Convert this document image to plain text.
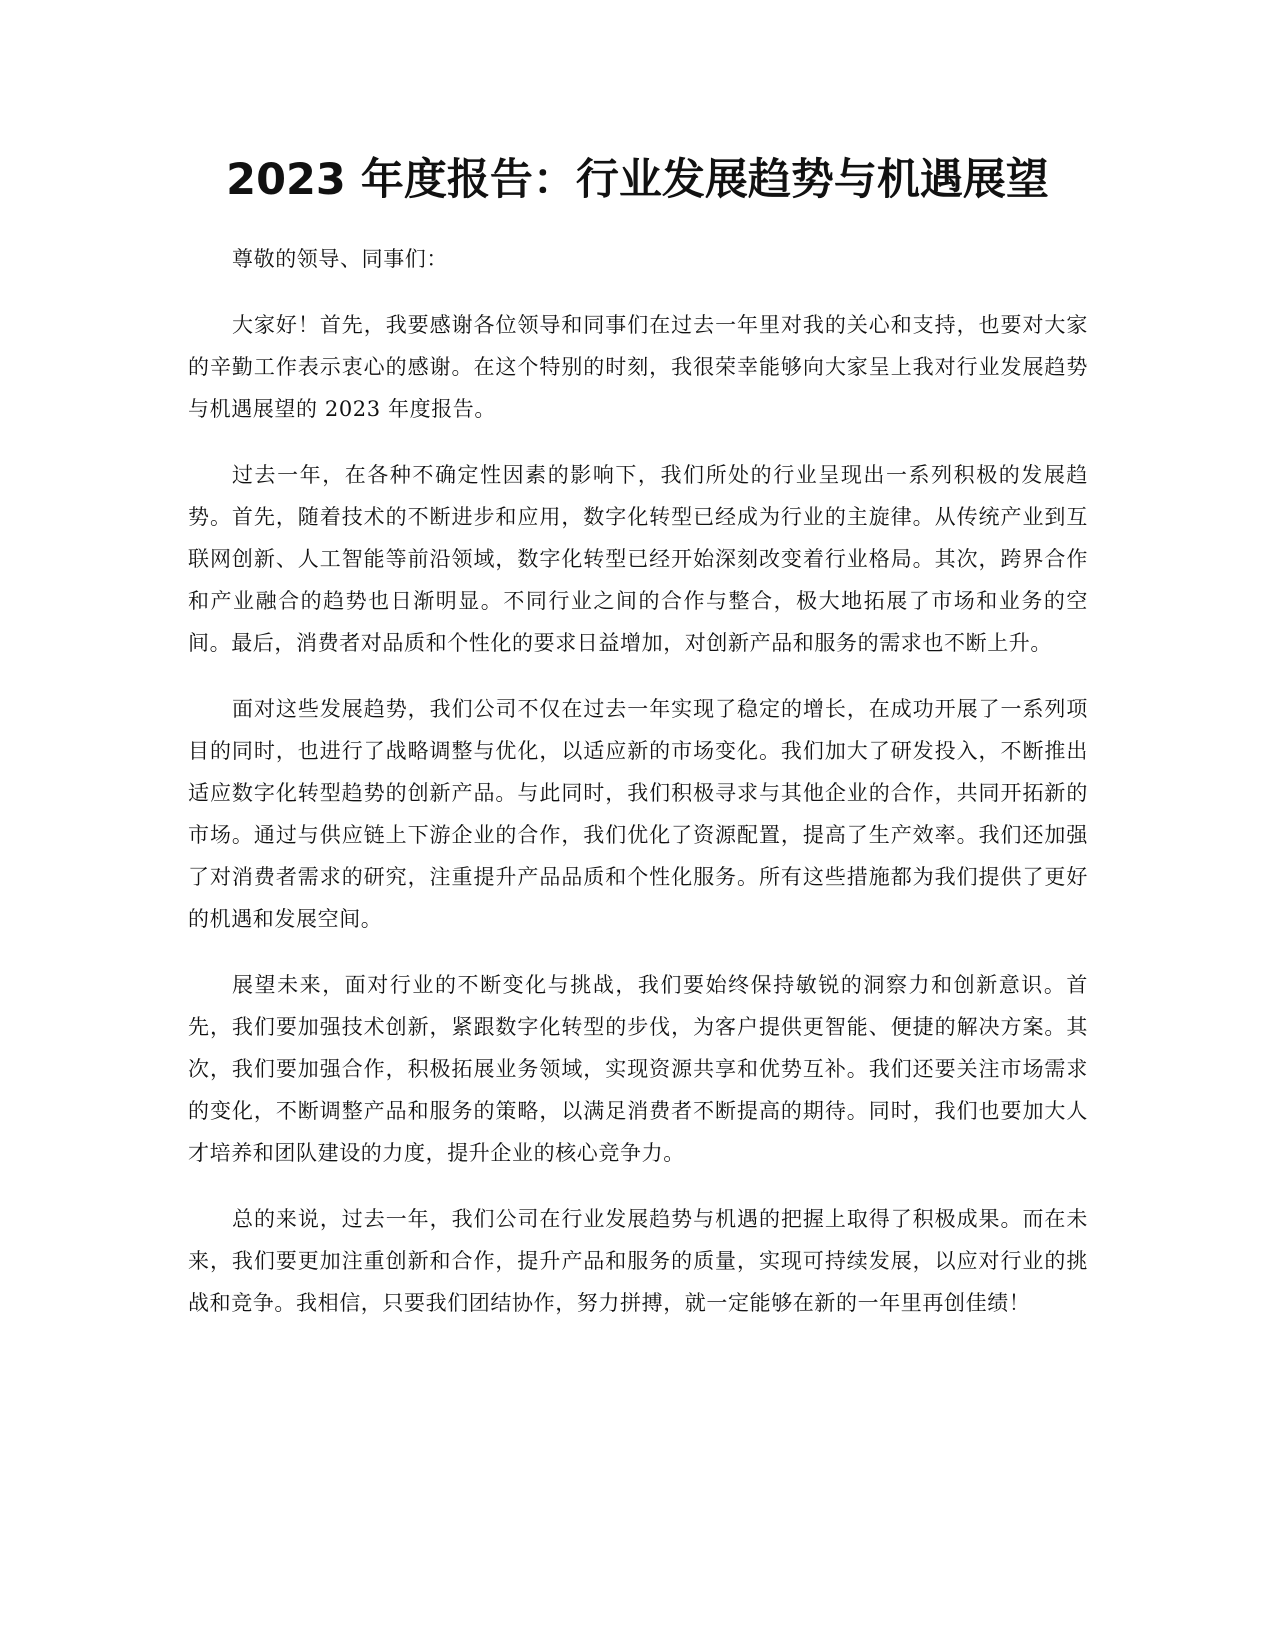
2023 年度报告：行业发展趋势与机遇展望

尊敬的领导、同事们：

大家好！首先，我要感谢各位领导和同事们在过去一年里对我的关心和支持，也要对大家的辛勤工作表示衷心的感谢。在这个特别的时刻，我很荣幸能够向大家呈上我对行业发展趋势与机遇展望的 2023 年度报告。

过去一年，在各种不确定性因素的影响下，我们所处的行业呈现出一系列积极的发展趋势。首先，随着技术的不断进步和应用，数字化转型已经成为行业的主旋律。从传统产业到互联网创新、人工智能等前沿领域，数字化转型已经开始深刻改变着行业格局。其次，跨界合作和产业融合的趋势也日渐明显。不同行业之间的合作与整合，极大地拓展了市场和业务的空间。最后，消费者对品质和个性化的要求日益增加，对创新产品和服务的需求也不断上升。

面对这些发展趋势，我们公司不仅在过去一年实现了稳定的增长，在成功开展了一系列项目的同时，也进行了战略调整与优化，以适应新的市场变化。我们加大了研发投入，不断推出适应数字化转型趋势的创新产品。与此同时，我们积极寻求与其他企业的合作，共同开拓新的市场。通过与供应链上下游企业的合作，我们优化了资源配置，提高了生产效率。我们还加强了对消费者需求的研究，注重提升产品品质和个性化服务。所有这些措施都为我们提供了更好的机遇和发展空间。

展望未来，面对行业的不断变化与挑战，我们要始终保持敏锐的洞察力和创新意识。首先，我们要加强技术创新，紧跟数字化转型的步伐，为客户提供更智能、便捷的解决方案。其次，我们要加强合作，积极拓展业务领域，实现资源共享和优势互补。我们还要关注市场需求的变化，不断调整产品和服务的策略，以满足消费者不断提高的期待。同时，我们也要加大人才培养和团队建设的力度，提升企业的核心竞争力。

总的来说，过去一年，我们公司在行业发展趋势与机遇的把握上取得了积极成果。而在未来，我们要更加注重创新和合作，提升产品和服务的质量，实现可持续发展，以应对行业的挑战和竞争。我相信，只要我们团结协作，努力拼搏，就一定能够在新的一年里再创佳绩！
